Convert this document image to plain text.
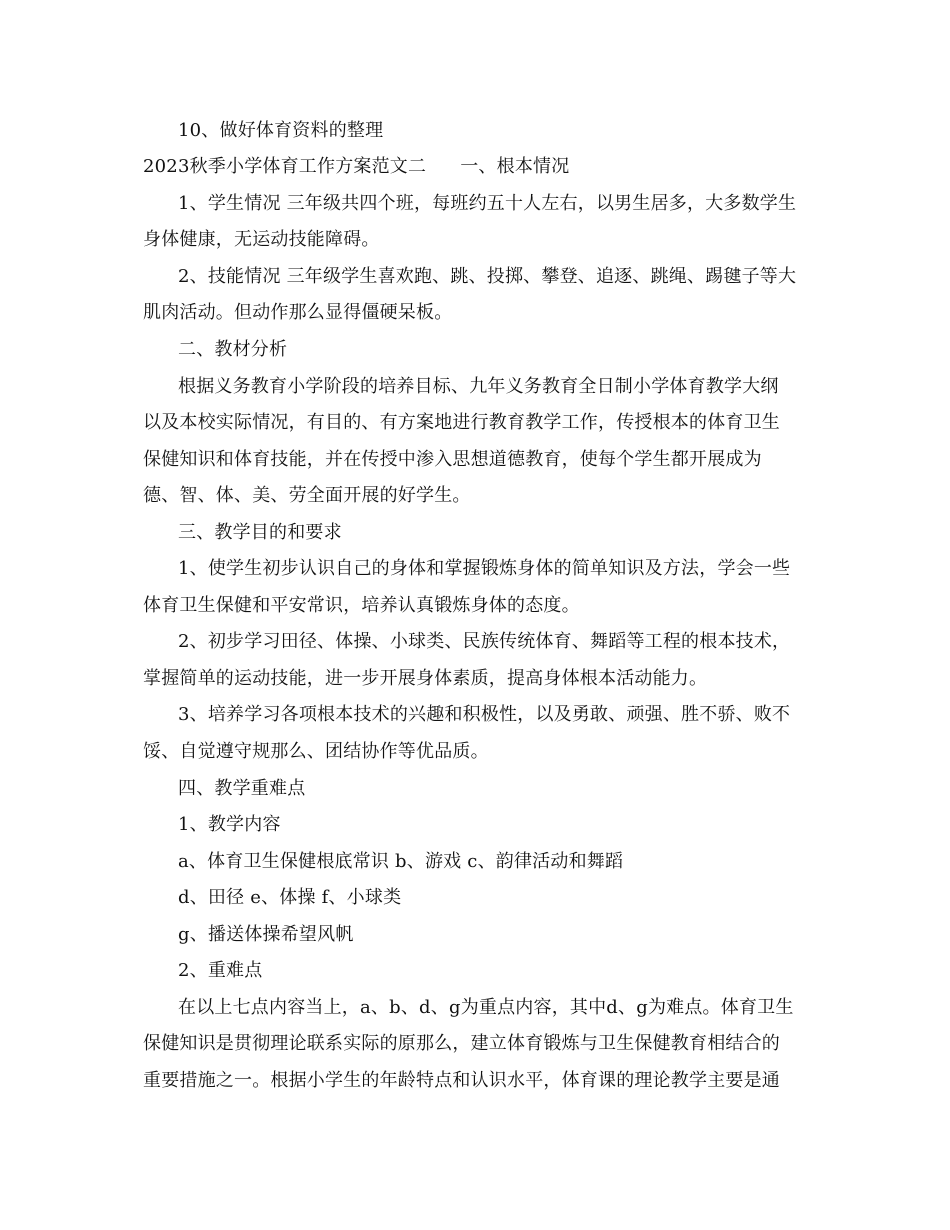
10、做好体育资料的整理
2023秋季小学体育工作方案范文二 一、根本情况
1、学生情况 三年级共四个班，每班约五十人左右，以男生居多，大多数学生
身体健康，无运动技能障碍。
2、技能情况 三年级学生喜欢跑、跳、投掷、攀登、追逐、跳绳、踢毽子等大
肌肉活动。但动作那么显得僵硬呆板。
二、教材分析
根据义务教育小学阶段的培养目标、九年义务教育全日制小学体育教学大纲
以及本校实际情况，有目的、有方案地进行教育教学工作，传授根本的体育卫生
保健知识和体育技能，并在传授中渗入思想道德教育，使每个学生都开展成为
德、智、体、美、劳全面开展的好学生。
三、教学目的和要求
1、使学生初步认识自己的身体和掌握锻炼身体的简单知识及方法，学会一些
体育卫生保健和平安常识，培养认真锻炼身体的态度。
2、初步学习田径、体操、小球类、民族传统体育、舞蹈等工程的根本技术，
掌握简单的运动技能，进一步开展身体素质，提高身体根本活动能力。
3、培养学习各项根本技术的兴趣和积极性，以及勇敢、顽强、胜不骄、败不
馁、自觉遵守规那么、团结协作等优品质。
四、教学重难点
1、教学内容
a、体育卫生保健根底常识 b、游戏 c、韵律活动和舞蹈
d、田径 e、体操 f、小球类
g、播送体操希望风帆
2、重难点
在以上七点内容当上，a、b、d、g为重点内容，其中d、g为难点。体育卫生
保健知识是贯彻理论联系实际的原那么，建立体育锻炼与卫生保健教育相结合的
重要措施之一。根据小学生的年龄特点和认识水平，体育课的理论教学主要是通
